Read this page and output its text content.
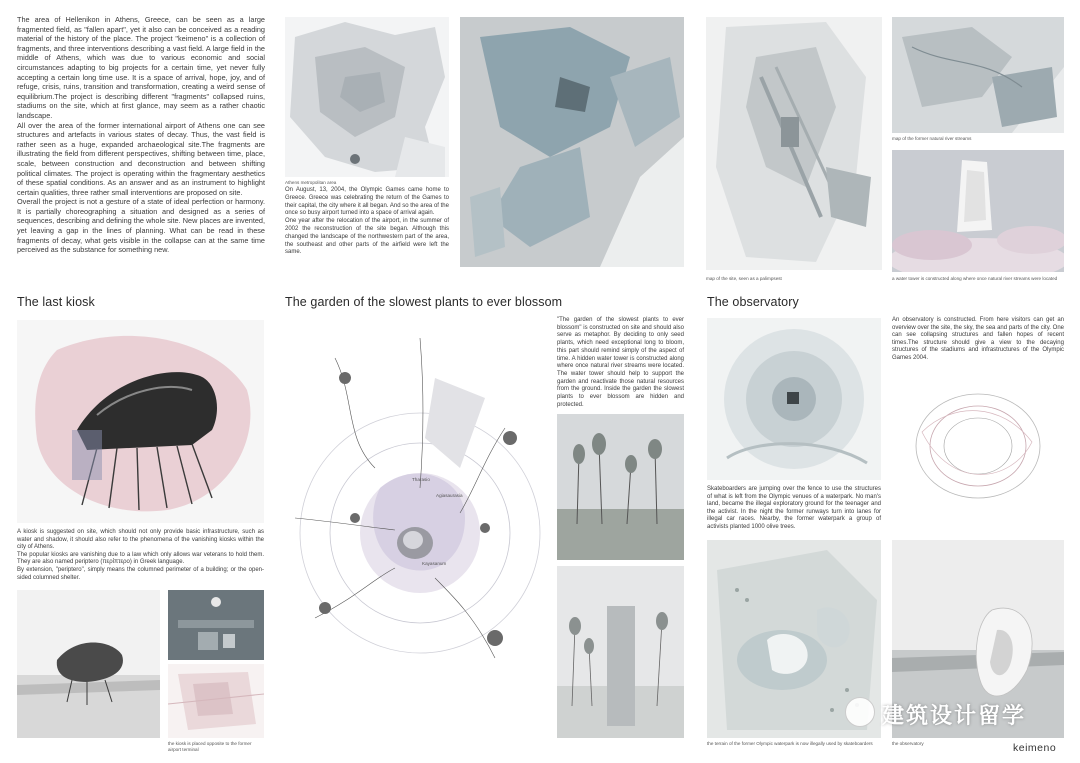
The area of Hellenikon in Athens, Greece, can be seen as a large fragmented field, as "fallen apart", yet it also can be conceived as a reading material of the history of the place. The project "keimeno" is a collection of fragments, and three interventions describing a vast field. A large field in the middle of Athens, which was due to various economic and social circumstances adapting to big projects for a certain time, yet never fully accepting a certain long time use. It is a space of arrival, hope, joy, and of refuge, crisis, ruins, transition and transformation, creating a weird sense of equilibrium.The project is describing different "fragments" collapsed ruins, stadiums on the site, which at first glance, may seem as a rather chaotic landscape.

All over the area of the former international airport of Athens one can see structures and artefacts in various states of decay. Thus, the vast field is rather seen as a huge, expanded archaeological site.The fragments are illustrating the field from different perspectives, shifting between time, place, scale, between construction and deconstruction and between shifting political climates. The project is operating within the fragmentary aesthetics of these spatial conditions. As an answer and as an instrument to highlight certain qualities, three rather small interventions are proposed on site.

Overall the project is not a gesture of a state of ideal perfection or harmony. It is partially choreographing a situation and designed as a series of sequences, describing and defining the whole site. New places are invented, yet leaving a gap in the lines of planning. What can be read in these fragments of decay, what gets visible in the collapse can at the same time perceived as the substance for something new.

Athens metropolitan area

On August, 13, 2004, the Olympic Games came home to Greece. Greece was celebrating the return of the Games to their capital, the city where it all began. And so the area of the once so busy airport turned into a space of arrival again.

One year after the relocation of the airport, in the summer of 2002 the reconstruction of the site began. Although this changed the landscape of the northwestern part of the area, the southeast and other parts of the airfield were left the same.

map of the site, seen as a palimpsest
map of the former natural river streams
a water tower is constructed along where once natural river streams were located
The last kiosk	The garden of the slowest plants to ever blossom	The observatory

A kiosk is suggested on site, which should not only provide basic infrastructure, such as water and shadow, it should also refer to the phenomena of the vanishing kiosks within the city of Athens.

The popular kiosks are vanishing due to a law which only allows war veterans to hold them. They are also named periptero (περίπτερο) in Greek language.

By extension, "periptero", simply means the columned perimeter of a building; or the open-sided columned shelter.

the kiosk is placed opposite to the former airport terminal
Tharasio
Agiasaurasia
Kayasanum
"The garden of the slowest plants to ever blossom" is constructed on site and should also serve as metaphor. By deciding to only seed plants, which need exceptional long to bloom, this part should remind simply of the aspect of time. A hidden water tower is constructed along where once natural river streams were located. The water tower should help to support the garden and reactivate those natural resources from the ground. Inside the garden the slowest plants to ever blossom are hidden and protected.
Skateboarders are jumping over the fence to use the structures of what is left from the Olympic venues of a waterpark. No man's land, became the illegal exploratory ground for the teenager and the activist. In the night the former runways turn into lanes for illegal car races. Nearby, the former waterpark a group of activists planted 1000 olive trees.
An observatory is constructed. From here visitors can get an overview over the site, the sky, the sea and parts of the city. One can see collapsing structures and fallen hopes of recent times.The structure should give a view to the decaying structures of the stadiums and infrastructures of the Olympic Games 2004.
the terrain of the former Olympic waterpark is now illegally used by skateboarders	the observatory
建筑设计留学
keimeno
